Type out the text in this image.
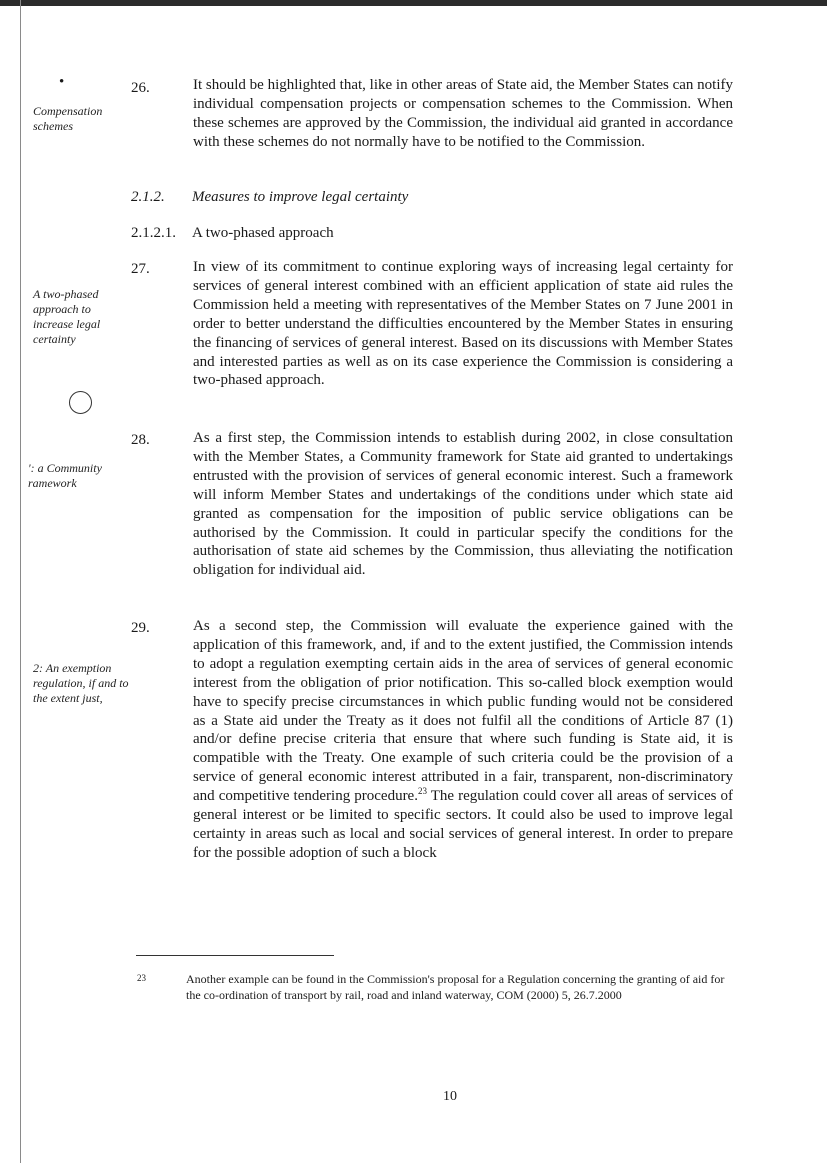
•
Compensation schemes
A two-phased approach to increase legal certainty
': a Community ramework
2: An exemption regulation, if and to the extent just,
26.	It should be highlighted that, like in other areas of State aid, the Member States can notify individual compensation projects or compensation schemes to the Commission. When these schemes are approved by the Commission, the individual aid granted in accordance with these schemes do not normally have to be notified to the Commission.

2.1.2. Measures to improve legal certainty
2.1.2.1. A two-phased approach
27.	In view of its commitment to continue exploring ways of increasing legal certainty for services of general interest combined with an efficient application of state aid rules the Commission held a meeting with representatives of the Member States on 7 June 2001 in order to better understand the difficulties encountered by the Member States in ensuring the financing of services of general interest. Based on its discussions with Member States and interested parties as well as on its case experience the Commission is considering a two-phased approach.

28.	As a first step, the Commission intends to establish during 2002, in close consultation with the Member States, a Community framework for State aid granted to undertakings entrusted with the provision of services of general economic interest. Such a framework will inform Member States and undertakings of the conditions under which state aid granted as compensation for the imposition of public service obligations can be authorised by the Commission. It could in particular specify the conditions for the authorisation of state aid schemes by the Commission, thus alleviating the notification obligation for individual aid.

29.	As a second step, the Commission will evaluate the experience gained with the application of this framework, and, if and to the extent justified, the Commission intends to adopt a regulation exempting certain aids in the area of services of general economic interest from the obligation of prior notification. This so-called block exemption would have to specify precise circumstances in which public funding would not be considered as a State aid under the Treaty as it does not fulfil all the conditions of Article 87 (1) and/or define precise criteria that ensure that where such funding is State aid, it is compatible with the Treaty. One example of such criteria could be the provision of a service of general economic interest attributed in a fair, transparent, non-discriminatory and competitive tendering procedure.$^{23}$ The regulation could cover all areas of services of general interest or be limited to specific sectors. It could also be used to improve legal certainty in areas such as local and social services of general interest. In order to prepare for the possible adoption of such a block

23	Another example can be found in the Commission's proposal for a Regulation concerning the granting of aid for the co-ordination of transport by rail, road and inland waterway, COM (2000) 5, 26.7.2000

10
